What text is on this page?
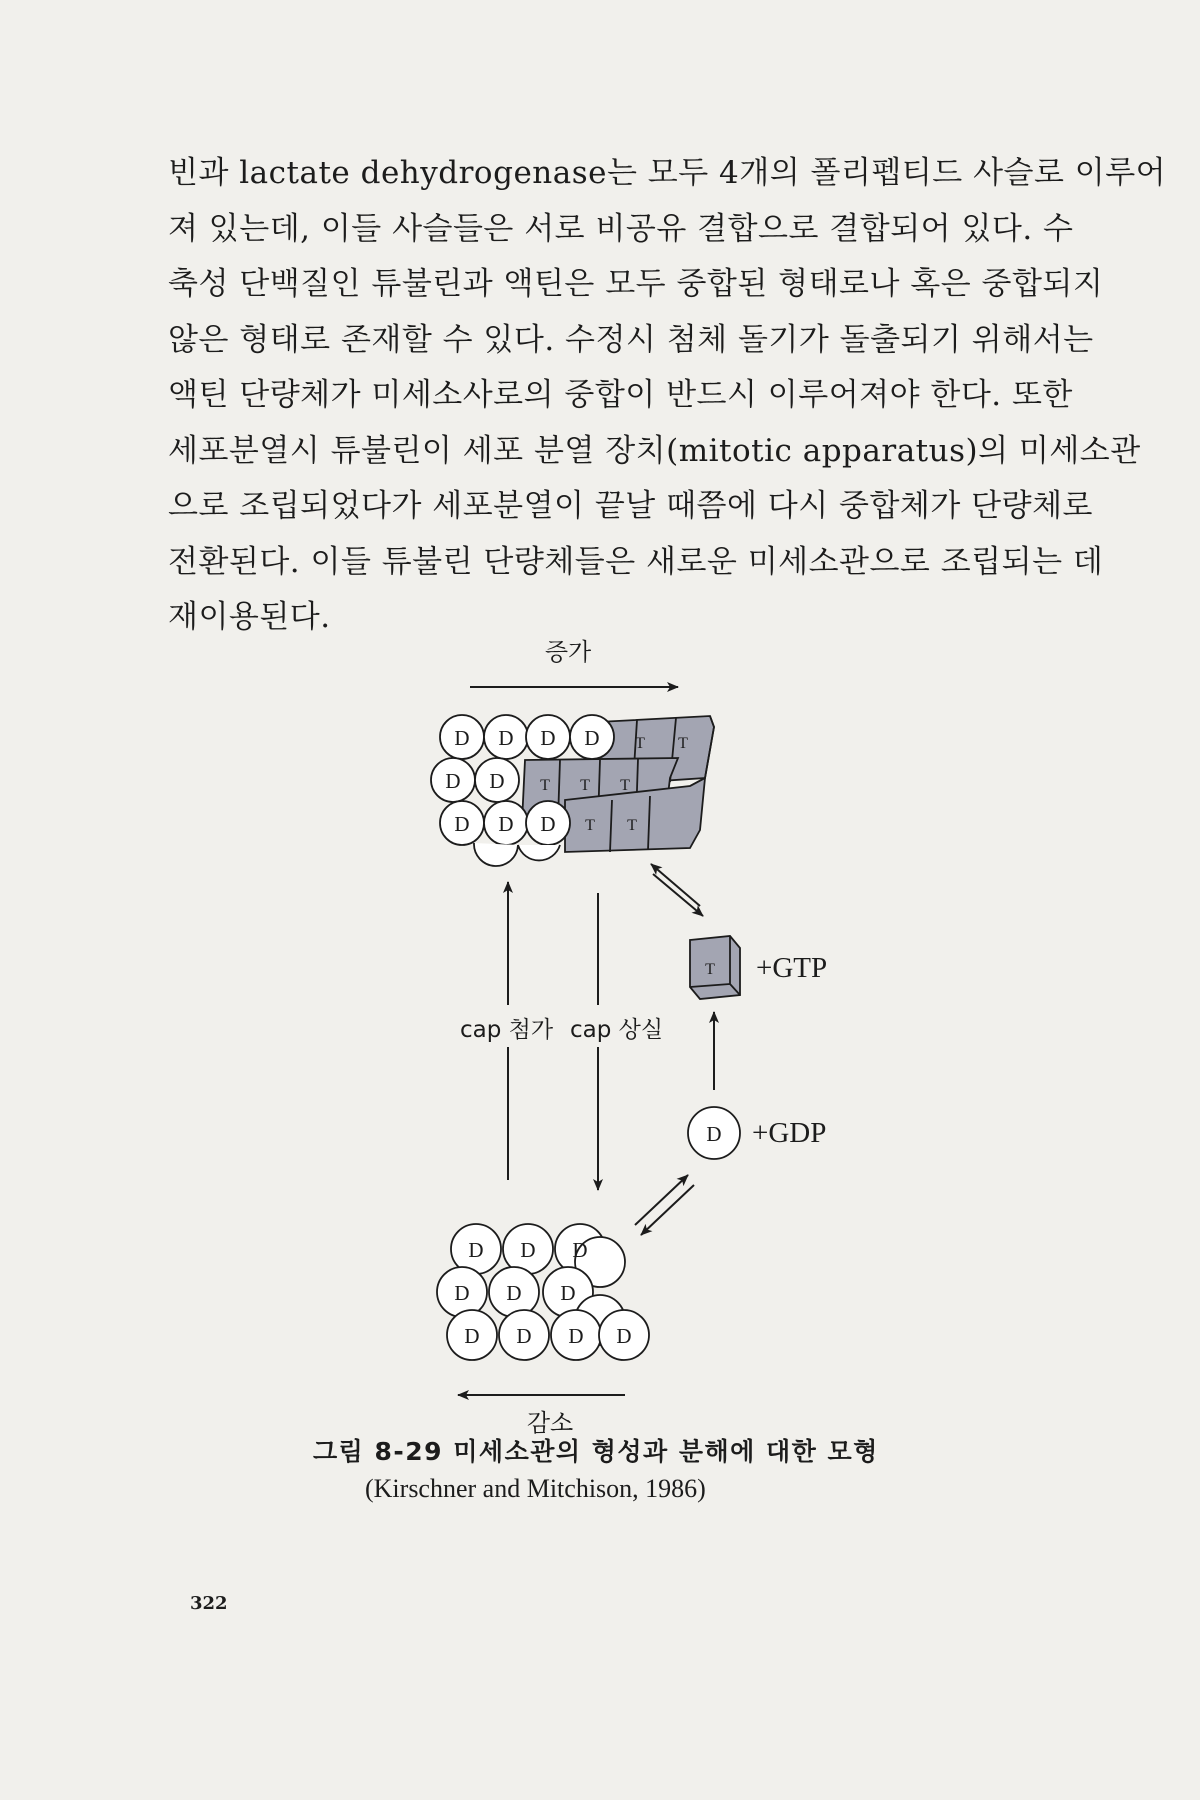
빈과 lactate dehydrogenase는 모두 4개의 폴리펩티드 사슬로 이루어
져 있는데, 이들 사슬들은 서로 비공유 결합으로 결합되어 있다. 수
축성 단백질인 튜불린과 액틴은 모두 중합된 형태로나 혹은 중합되지
않은 형태로 존재할 수 있다. 수정시 첨체 돌기가 돌출되기 위해서는
액틴 단량체가 미세소사로의 중합이 반드시 이루어져야 한다. 또한
세포분열시 튜불린이 세포 분열 장치(mitotic apparatus)의 미세소관
으로 조립되었다가 세포분열이 끝날 때쯤에 다시 중합체가 단량체로
전환된다. 이들 튜불린 단량체들은 새로운 미세소관으로 조립되는 데
재이용된다.
증가
D D D D
D D
D D D
T T
T T T
T T
T +GTP
D +GDP
cap 첨가 cap 상실
D D D
D D D
D D D D
감소
그림 8-29 미세소관의 형성과 분해에 대한 모형
(Kirschner and Mitchison, 1986)
322
